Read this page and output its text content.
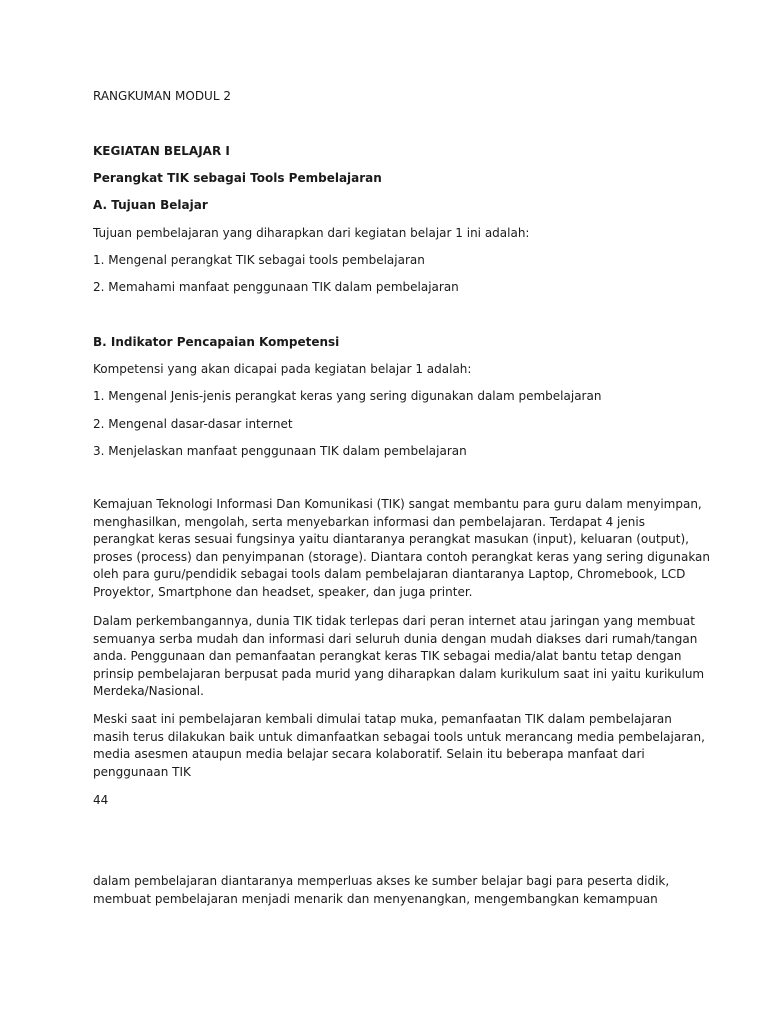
RANGKUMAN MODUL 2

KEGIATAN BELAJAR I

Perangkat TIK sebagai Tools Pembelajaran

A. Tujuan Belajar

Tujuan pembelajaran yang diharapkan dari kegiatan belajar 1 ini adalah:

1. Mengenal perangkat TIK sebagai tools pembelajaran

2. Memahami manfaat penggunaan TIK dalam pembelajaran

B. Indikator Pencapaian Kompetensi

Kompetensi yang akan dicapai pada kegiatan belajar 1 adalah:

1. Mengenal Jenis-jenis perangkat keras yang sering digunakan dalam pembelajaran

2. Mengenal dasar-dasar internet

3. Menjelaskan manfaat penggunaan TIK dalam pembelajaran

Kemajuan Teknologi Informasi Dan Komunikasi (TIK) sangat membantu para guru dalam menyimpan,
menghasilkan, mengolah, serta menyebarkan informasi dan pembelajaran. Terdapat 4 jenis
perangkat keras sesuai fungsinya yaitu diantaranya perangkat masukan (input), keluaran (output),
proses (process) dan penyimpanan (storage). Diantara contoh perangkat keras yang sering digunakan
oleh para guru/pendidik sebagai tools dalam pembelajaran diantaranya Laptop, Chromebook, LCD
Proyektor, Smartphone dan headset, speaker, dan juga printer.
Dalam perkembangannya, dunia TIK tidak terlepas dari peran internet atau jaringan yang membuat
semuanya serba mudah dan informasi dari seluruh dunia dengan mudah diakses dari rumah/tangan
anda. Penggunaan dan pemanfaatan perangkat keras TIK sebagai media/alat bantu tetap dengan
prinsip pembelajaran berpusat pada murid yang diharapkan dalam kurikulum saat ini yaitu kurikulum
Merdeka/Nasional.
Meski saat ini pembelajaran kembali dimulai tatap muka, pemanfaatan TIK dalam pembelajaran
masih terus dilakukan baik untuk dimanfaatkan sebagai tools untuk merancang media pembelajaran,
media asesmen ataupun media belajar secara kolaboratif. Selain itu beberapa manfaat dari
penggunaan TIK

44

dalam pembelajaran diantaranya memperluas akses ke sumber belajar bagi para peserta didik,
membuat pembelajaran menjadi menarik dan menyenangkan, mengembangkan kemampuan
